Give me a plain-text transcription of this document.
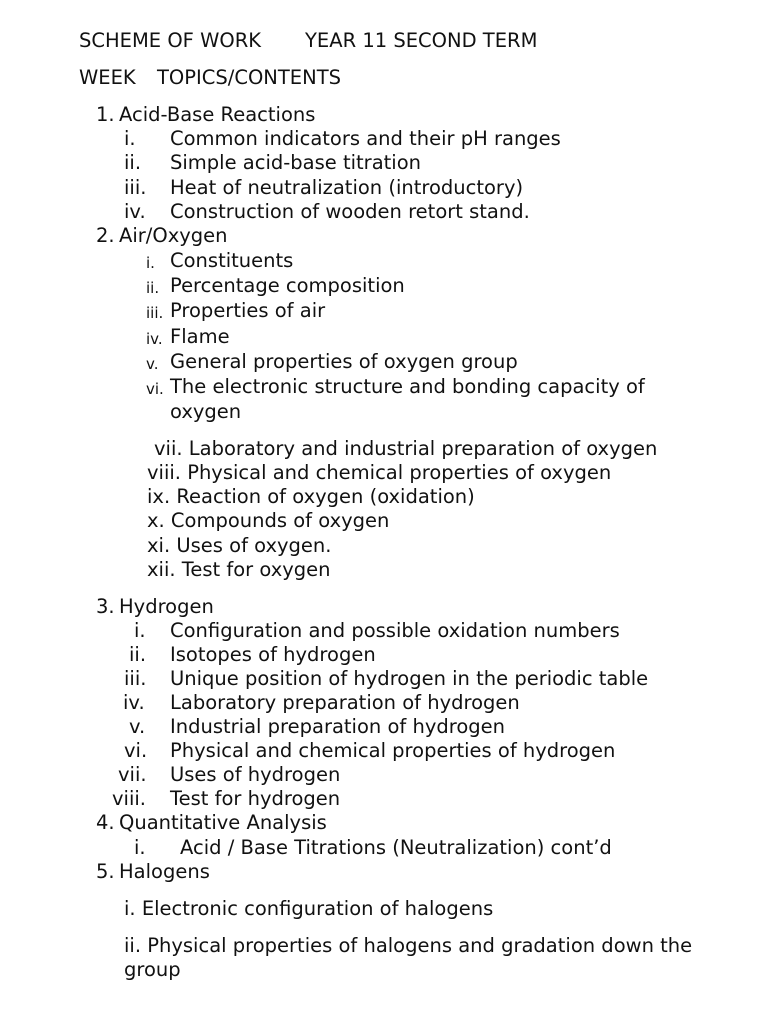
SCHEME OF WORK YEAR 11 SECOND TERM
WEEK TOPICS/CONTENTS
1. Acid-Base Reactions
i. Common indicators and their pH ranges
ii. Simple acid-base titration
iii. Heat of neutralization (introductory)
iv. Construction of wooden retort stand.
2. Air/Oxygen
i. Constituents
ii. Percentage composition
iii. Properties of air
iv. Flame
v. General properties of oxygen group
vi. The electronic structure and bonding capacity of
oxygen
vii. Laboratory and industrial preparation of oxygen
viii. Physical and chemical properties of oxygen
ix. Reaction of oxygen (oxidation)
x. Compounds of oxygen
xi. Uses of oxygen.
xii. Test for oxygen
3. Hydrogen
i. Configuration and possible oxidation numbers
ii. Isotopes of hydrogen
iii. Unique position of hydrogen in the periodic table
iv. Laboratory preparation of hydrogen
v. Industrial preparation of hydrogen
vi. Physical and chemical properties of hydrogen
vii. Uses of hydrogen
viii. Test for hydrogen
4. Quantitative Analysis
i. Acid / Base Titrations (Neutralization) cont’d
5. Halogens
i. Electronic configuration of halogens
ii. Physical properties of halogens and gradation down the
group
